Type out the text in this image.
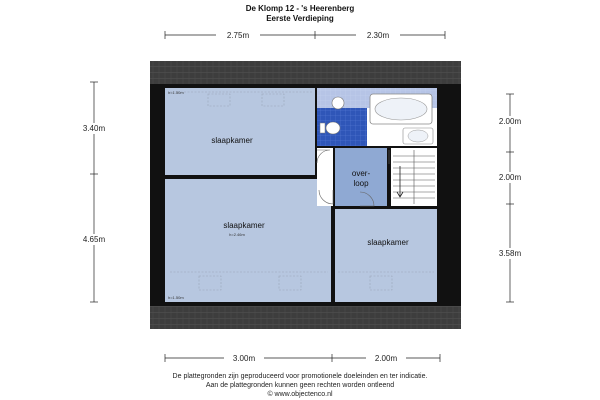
De Klomp 12 - 's Heerenberg
Eerste Verdieping
slaapkamer
slaapkamer
h=2.46m
slaapkamer
over-
loop
h=1.50m
h=1.50m
2.75m	2.30m
3.00m	2.00m
3.40m
4.65m
2.00m
2.00m
3.58m
De plattegronden zijn geproduceerd voor promotionele doeleinden en ter indicatie.
Aan de plattegronden kunnen geen rechten worden ontleend
© www.objectenco.nl
